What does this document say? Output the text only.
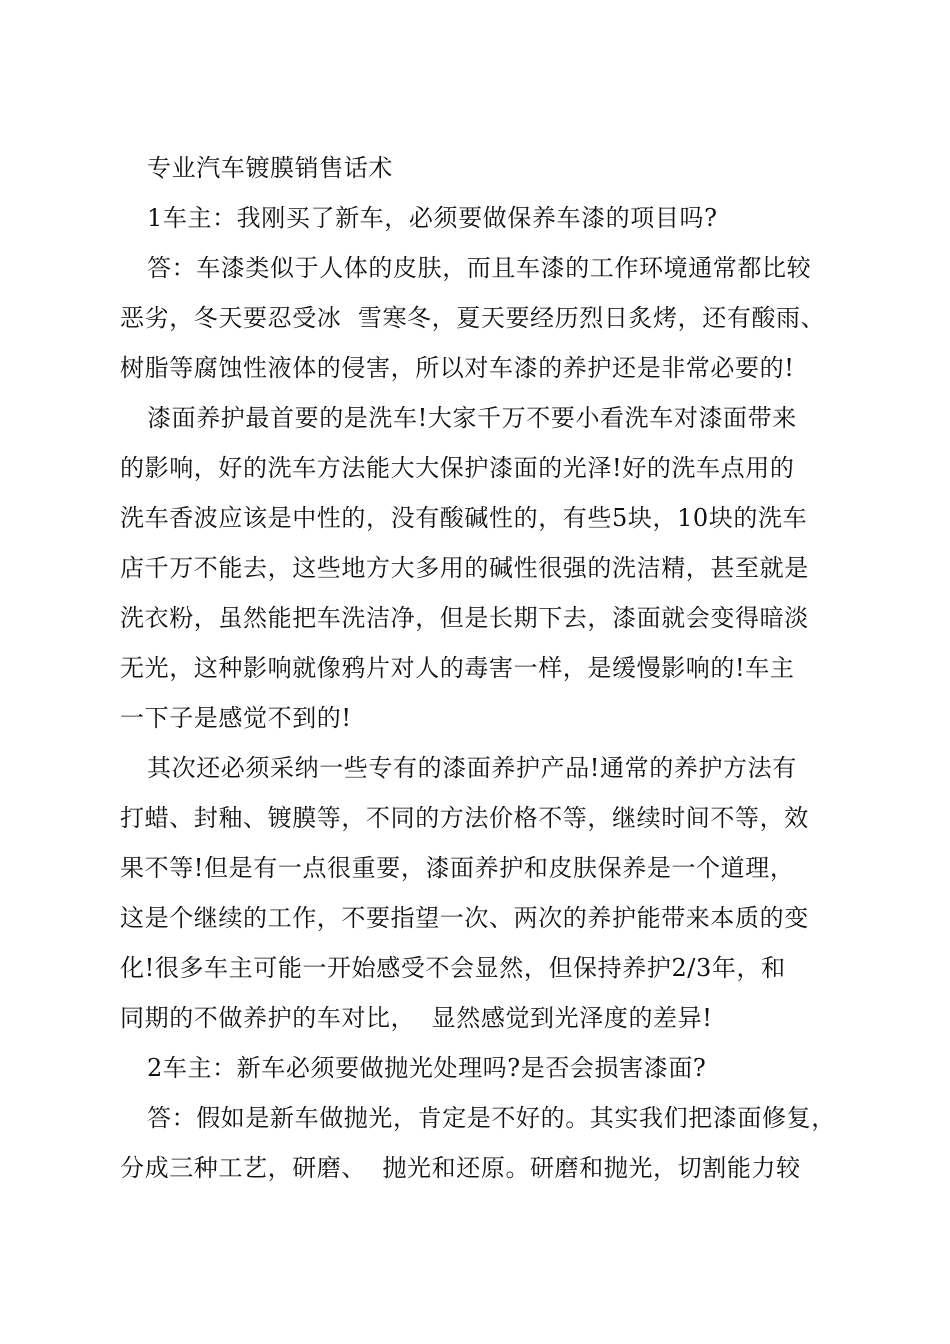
专业汽车镀膜销售话术
1车主：我刚买了新车，必须要做保养车漆的项目吗?
答：车漆类似于人体的皮肤，而且车漆的工作环境通常都比较
恶劣，冬天要忍受冰  雪寒冬，夏天要经历烈日炙烤，还有酸雨、
树脂等腐蚀性液体的侵害，所以对车漆的养护还是非常必要的!
漆面养护最首要的是洗车!大家千万不要小看洗车对漆面带来
的影响，好的洗车方法能大大保护漆面的光泽!好的洗车点用的
洗车香波应该是中性的，没有酸碱性的，有些5块，10块的洗车
店千万不能去，这些地方大多用的碱性很强的洗洁精，甚至就是
洗衣粉，虽然能把车洗洁净，但是长期下去，漆面就会变得暗淡
无光，这种影响就像鸦片对人的毒害一样，是缓慢影响的!车主
一下子是感觉不到的!
其次还必须采纳一些专有的漆面养护产品!通常的养护方法有
打蜡、封釉、镀膜等，不同的方法价格不等，继续时间不等，效
果不等!但是有一点很重要，漆面养护和皮肤保养是一个道理，
这是个继续的工作，不要指望一次、两次的养护能带来本质的变
化!很多车主可能一开始感受不会显然，但保持养护2/3年，和
同期的不做养护的车对比，  显然感觉到光泽度的差异!
2车主：新车必须要做抛光处理吗?是否会损害漆面?
答：假如是新车做抛光，肯定是不好的。其实我们把漆面修复，
分成三种工艺，研磨、  抛光和还原。研磨和抛光，切割能力较
